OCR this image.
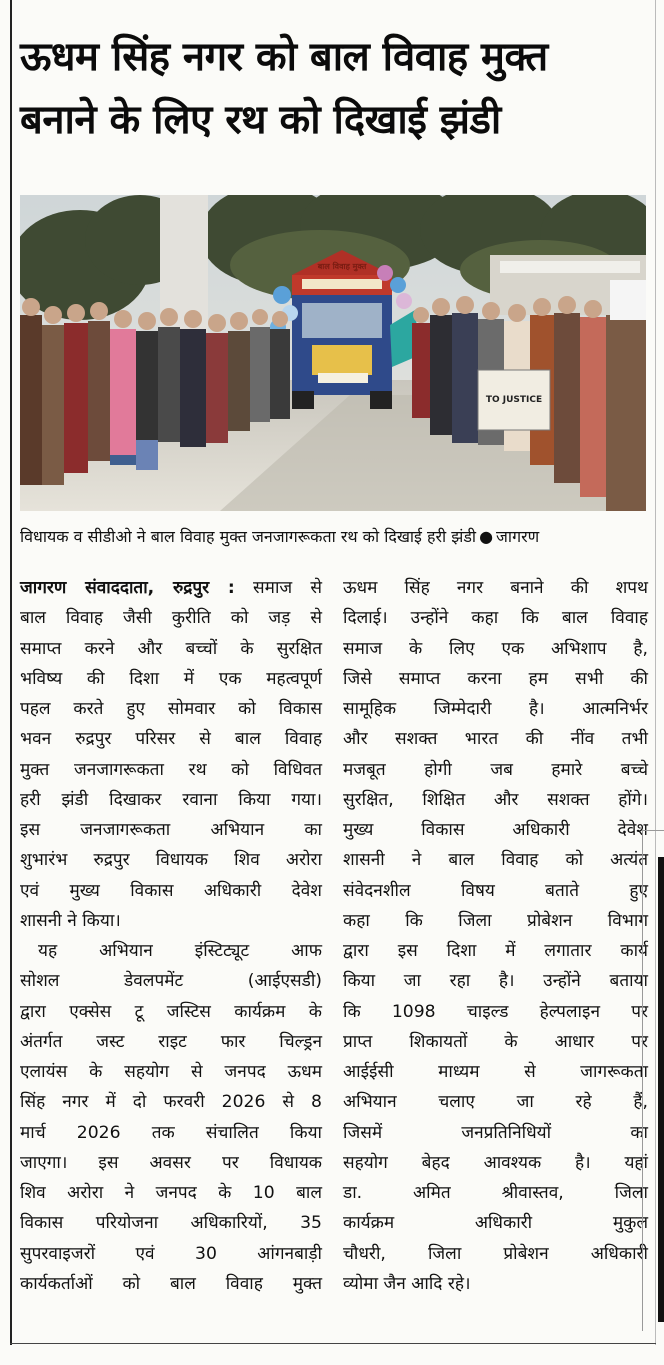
ऊधम सिंह नगर को बाल विवाह मुक्त
बनाने के लिए रथ को दिखाई झंडी
बाल विवाह मुक्त
TO JUSTICE
विधायक व सीडीओ ने बाल विवाह मुक्त जनजागरूकता रथ को दिखाई हरी झंडी ● जागरण
जागरण संवाददाता, रुद्रपुर : समाज से
बाल विवाह जैसी कुरीति को जड़ से
समाप्त करने और बच्चों के सुरक्षित
भविष्य की दिशा में एक महत्वपूर्ण
पहल करते हुए सोमवार को विकास
भवन रुद्रपुर परिसर से बाल विवाह
मुक्त जनजागरूकता रथ को विधिवत
हरी झंडी दिखाकर रवाना किया गया।
इस जनजागरूकता अभियान का
शुभारंभ रुद्रपुर विधायक शिव अरोरा
एवं मुख्य विकास अधिकारी देवेश
शासनी ने किया।
यह अभियान इंस्टिट्यूट आफ
सोशल डेवलपमेंट (आईएसडी)
द्वारा एक्सेस टू जस्टिस कार्यक्रम के
अंतर्गत जस्ट राइट फार चिल्ड्रन
एलायंस के सहयोग से जनपद ऊधम
सिंह नगर में दो फरवरी 2026 से 8
मार्च 2026 तक संचालित किया
जाएगा। इस अवसर पर विधायक
शिव अरोरा ने जनपद के 10 बाल
विकास परियोजना अधिकारियों, 35
सुपरवाइजरों एवं 30 आंगनबाड़ी
कार्यकर्ताओं को बाल विवाह मुक्त
ऊधम सिंह नगर बनाने की शपथ
दिलाई। उन्होंने कहा कि बाल विवाह
समाज के लिए एक अभिशाप है,
जिसे समाप्त करना हम सभी की
सामूहिक जिम्मेदारी है। आत्मनिर्भर
और सशक्त भारत की नींव तभी
मजबूत होगी जब हमारे बच्चे
सुरक्षित, शिक्षित और सशक्त होंगे।
मुख्य विकास अधिकारी देवेश
शासनी ने बाल विवाह को अत्यंत
संवेदनशील विषय बताते हुए
कहा कि जिला प्रोबेशन विभाग
द्वारा इस दिशा में लगातार कार्य
किया जा रहा है। उन्होंने बताया
कि 1098 चाइल्ड हेल्पलाइन पर
प्राप्त शिकायतों के आधार पर
आईईसी माध्यम से जागरूकता
अभियान चलाए जा रहे हैं,
जिसमें जनप्रतिनिधियों का
सहयोग बेहद आवश्यक है। यहां
डा. अमित श्रीवास्तव, जिला
कार्यक्रम अधिकारी मुकुल
चौधरी, जिला प्रोबेशन अधिकारी
व्योमा जैन आदि रहे।
